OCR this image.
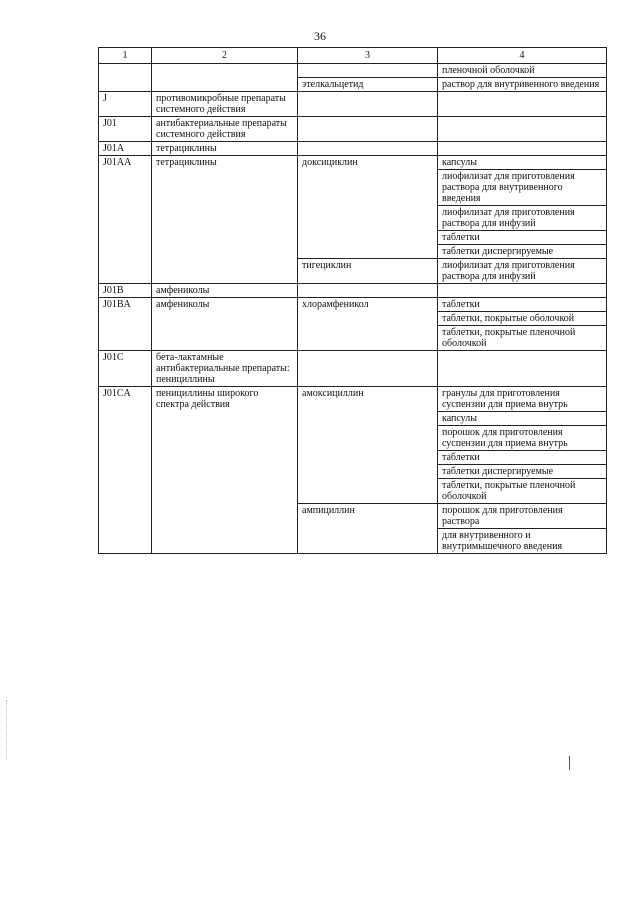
36
1	2	3	4
			пленочной оболочкой
		этелкальцетид	раствор для внутривенного введения
J	противомикробные препараты системного действия		
J01	антибактериальные препараты системного действия		
J01A	тетрациклины		
J01AA	тетрациклины	доксициклин	капсулы
			лиофилизат для приготовления раствора для внутривенного введения
			лиофилизат для приготовления раствора для инфузий
			таблетки
			таблетки диспергируемые
		тигециклин	лиофилизат для приготовления раствора для инфузий
J01B	амфениколы		
J01BA	амфениколы	хлорамфеникол	таблетки
			таблетки, покрытые оболочкой
			таблетки, покрытые пленочной оболочкой
J01C	бета-лактамные антибактериальные препараты: пенициллины		
J01CA	пенициллины широкого спектра действия	амоксициллин	гранулы для приготовления суспензии для приема внутрь
			капсулы
			порошок для приготовления суспензии для приема внутрь
			таблетки
			таблетки диспергируемые
			таблетки, покрытые пленочной оболочкой
		ампициллин	порошок для приготовления раствора
			для внутривенного и внутримышечного введения
